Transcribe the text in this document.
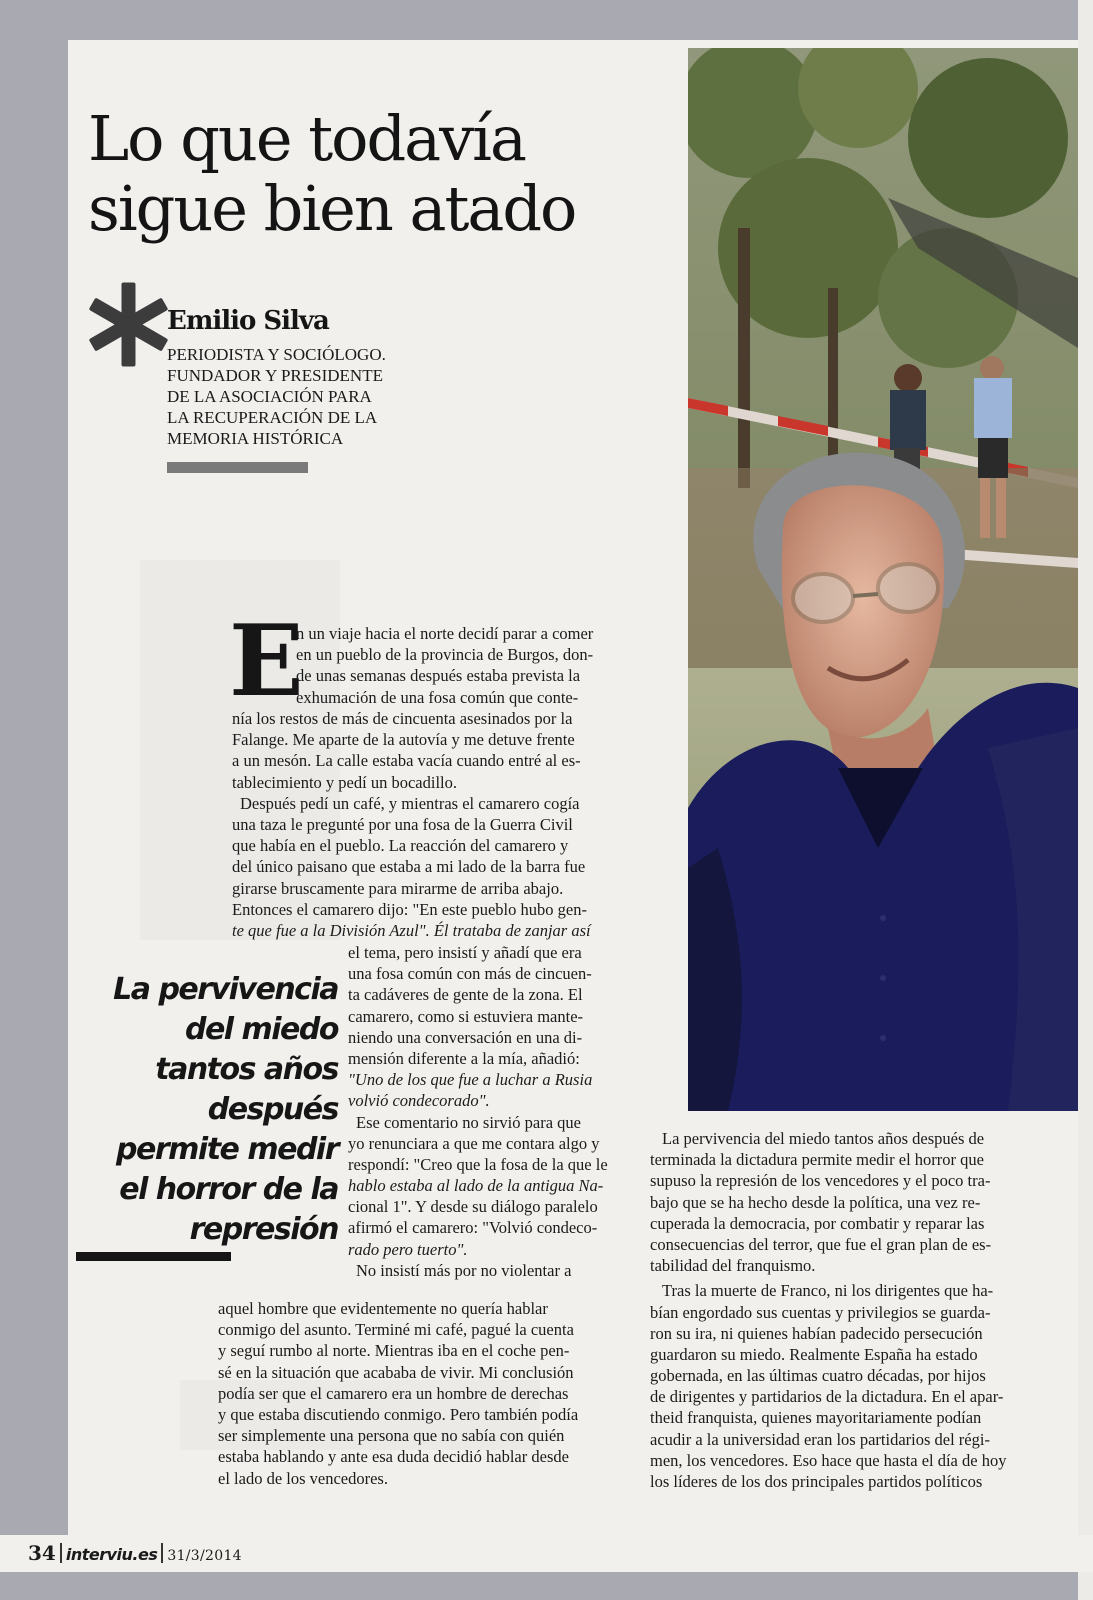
Lo que todavía
sigue bien atado
Emilio Silva
PERIODISTA Y SOCIÓLOGO.
FUNDADOR Y PRESIDENTE
DE LA ASOCIACIÓN PARA
LA RECUPERACIÓN DE LA
MEMORIA HISTÓRICA
E
n un viaje hacia el norte decidí parar a comer
en un pueblo de la provincia de Burgos, don-
de unas semanas después estaba prevista la
exhumación de una fosa común que conte-
nía los restos de más de cincuenta asesinados por la
Falange. Me aparte de la autovía y me detuve frente
a un mesón. La calle estaba vacía cuando entré al es-
tablecimiento y pedí un bocadillo.
Después pedí un café, y mientras el camarero cogía
una taza le pregunté por una fosa de la Guerra Civil
que había en el pueblo. La reacción del camarero y
del único paisano que estaba a mi lado de la barra fue
girarse bruscamente para mirarme de arriba abajo.
Entonces el camarero dijo: "En este pueblo hubo gen-
te que fue a la División Azul". Él trataba de zanjar así
el tema, pero insistí y añadí que era
una fosa común con más de cincuen-
ta cadáveres de gente de la zona. El
camarero, como si estuviera mante-
niendo una conversación en una di-
mensión diferente a la mía, añadió:
"Uno de los que fue a luchar a Rusia
volvió condecorado".
Ese comentario no sirvió para que
yo renunciara a que me contara algo y
respondí: "Creo que la fosa de la que le
hablo estaba al lado de la antigua Na-
cional 1". Y desde su diálogo paralelo
afirmó el camarero: "Volvió condeco-
rado pero tuerto".
No insistí más por no violentar a
aquel hombre que evidentemente no quería hablar
conmigo del asunto. Terminé mi café, pagué la cuenta
y seguí rumbo al norte. Mientras iba en el coche pen-
sé en la situación que acababa de vivir. Mi conclusión
podía ser que el camarero era un hombre de derechas
y que estaba discutiendo conmigo. Pero también podía
ser simplemente una persona que no sabía con quién
estaba hablando y ante esa duda decidió hablar desde
el lado de los vencedores.
La pervivencia del miedo tantos años después de
terminada la dictadura permite medir el horror que
supuso la represión de los vencedores y el poco tra-
bajo que se ha hecho desde la política, una vez re-
cuperada la democracia, por combatir y reparar las
consecuencias del terror, que fue el gran plan de es-
tabilidad del franquismo.
Tras la muerte de Franco, ni los dirigentes que ha-
bían engordado sus cuentas y privilegios se guarda-
ron su ira, ni quienes habían padecido persecución
guardaron su miedo. Realmente España ha estado
gobernada, en las últimas cuatro décadas, por hijos
de dirigentes y partidarios de la dictadura. En el apar-
theid franquista, quienes mayoritariamente podían
acudir a la universidad eran los partidarios del régi-
men, los vencedores. Eso hace que hasta el día de hoy
los líderes de los dos principales partidos políticos
La pervivencia
del miedo
tantos años
después
permite medir
el horror de la
represión
34 interviu.es 31/3/2014
